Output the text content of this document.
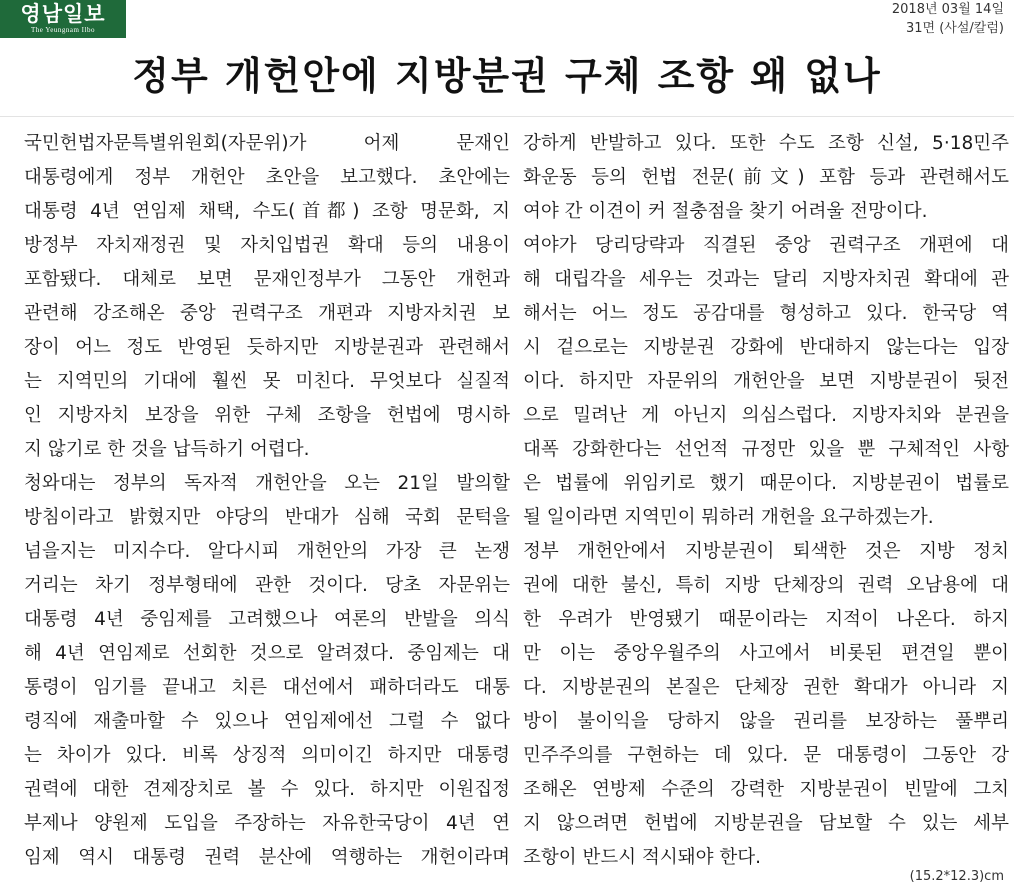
영남일보
The Yeungnam Ilbo
2018년 03월 14일
31면 (사설/칼럼)
정부 개헌안에 지방분권 구체 조항 왜 없나
국민헌법자문특별위원회(자문위)가 어제 문재인
대통령에게 정부 개헌안 초안을 보고했다. 초안에는
대통령 4년 연임제 채택, 수도(首都) 조항 명문화, 지
방정부 자치재정권 및 자치입법권 확대 등의 내용이
포함됐다. 대체로 보면 문재인정부가 그동안 개헌과
관련해 강조해온 중앙 권력구조 개편과 지방자치권 보
장이 어느 정도 반영된 듯하지만 지방분권과 관련해서
는 지역민의 기대에 훨씬 못 미친다. 무엇보다 실질적
인 지방자치 보장을 위한 구체 조항을 헌법에 명시하
지 않기로 한 것을 납득하기 어렵다.
청와대는 정부의 독자적 개헌안을 오는 21일 발의할
방침이라고 밝혔지만 야당의 반대가 심해 국회 문턱을
넘을지는 미지수다. 알다시피 개헌안의 가장 큰 논쟁
거리는 차기 정부형태에 관한 것이다. 당초 자문위는
대통령 4년 중임제를 고려했으나 여론의 반발을 의식
해 4년 연임제로 선회한 것으로 알려졌다. 중임제는 대
통령이 임기를 끝내고 치른 대선에서 패하더라도 대통
령직에 재출마할 수 있으나 연임제에선 그럴 수 없다
는 차이가 있다. 비록 상징적 의미이긴 하지만 대통령
권력에 대한 견제장치로 볼 수 있다. 하지만 이원집정
부제나 양원제 도입을 주장하는 자유한국당이 4년 연
임제 역시 대통령 권력 분산에 역행하는 개헌이라며
강하게 반발하고 있다. 또한 수도 조항 신설, 5·18민주
화운동 등의 헌법 전문(前文) 포함 등과 관련해서도
여야 간 이견이 커 절충점을 찾기 어려울 전망이다.
여야가 당리당략과 직결된 중앙 권력구조 개편에 대
해 대립각을 세우는 것과는 달리 지방자치권 확대에 관
해서는 어느 정도 공감대를 형성하고 있다. 한국당 역
시 겉으로는 지방분권 강화에 반대하지 않는다는 입장
이다. 하지만 자문위의 개헌안을 보면 지방분권이 뒷전
으로 밀려난 게 아닌지 의심스럽다. 지방자치와 분권을
대폭 강화한다는 선언적 규정만 있을 뿐 구체적인 사항
은 법률에 위임키로 했기 때문이다. 지방분권이 법률로
될 일이라면 지역민이 뭐하러 개헌을 요구하겠는가.
정부 개헌안에서 지방분권이 퇴색한 것은 지방 정치
권에 대한 불신, 특히 지방 단체장의 권력 오남용에 대
한 우려가 반영됐기 때문이라는 지적이 나온다. 하지
만 이는 중앙우월주의 사고에서 비롯된 편견일 뿐이
다. 지방분권의 본질은 단체장 권한 확대가 아니라 지
방이 불이익을 당하지 않을 권리를 보장하는 풀뿌리
민주주의를 구현하는 데 있다. 문 대통령이 그동안 강
조해온 연방제 수준의 강력한 지방분권이 빈말에 그치
지 않으려면 헌법에 지방분권을 담보할 수 있는 세부
조항이 반드시 적시돼야 한다.
(15.2*12.3)cm
